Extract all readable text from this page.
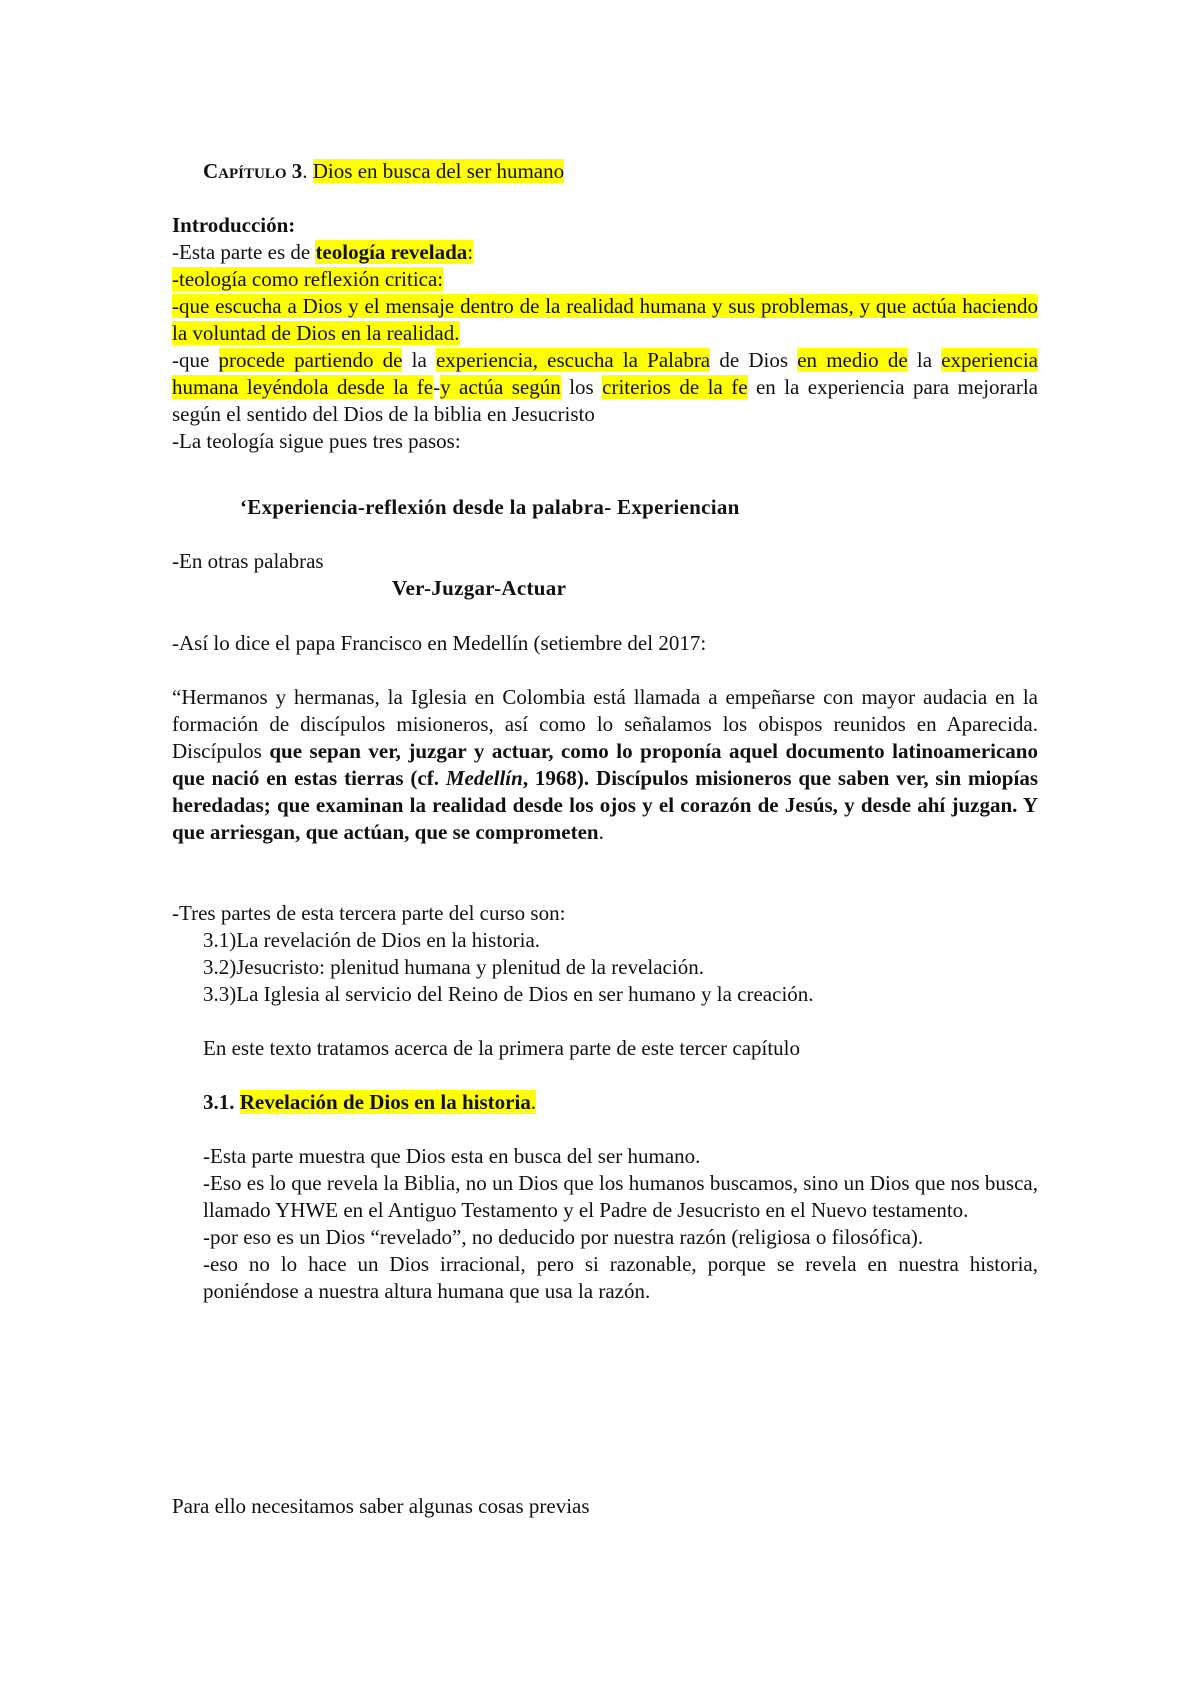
Capítulo 3. Dios en busca del ser humano
Introducción:
-Esta parte es de teología revelada:
-teología como reflexión critica:
-que escucha a Dios y el mensaje dentro de la realidad humana y sus problemas, y que actúa haciendo la voluntad de Dios en la realidad.
-que procede partiendo de la experiencia, escucha la Palabra de Dios en medio de la experiencia humana leyéndola desde la fe-y actúa según los criterios de la fe en la experiencia para mejorarla según el sentido del Dios de la biblia en Jesucristo
-La teología sigue pues tres pasos:
‘Experiencia-reflexión desde la palabra- Experiencian
-En otras palabras
Ver-Juzgar-Actuar
-Así lo dice el papa Francisco en Medellín (setiembre del 2017:
“Hermanos y hermanas, la Iglesia en Colombia está llamada a empeñarse con mayor audacia en la formación de discípulos misioneros, así como lo señalamos los obispos reunidos en Aparecida. Discípulos que sepan ver, juzgar y actuar, como lo proponía aquel documento latinoamericano que nació en estas tierras (cf. Medellín, 1968). Discípulos misioneros que saben ver, sin miopías heredadas; que examinan la realidad desde los ojos y el corazón de Jesús, y desde ahí juzgan. Y que arriesgan, que actúan, que se comprometen.
-Tres partes de esta tercera parte del curso son:
3.1)La revelación de Dios en la historia.
3.2)Jesucristo: plenitud humana y plenitud de la revelación.
3.3)La Iglesia al servicio del Reino de Dios en ser humano y la creación.
En este texto tratamos acerca de la primera parte de este tercer capítulo
3.1. Revelación de Dios en la historia.
-Esta parte muestra que Dios esta en busca del ser humano.
-Eso es lo que revela la Biblia, no un Dios que los humanos buscamos, sino un Dios que nos busca, llamado YHWE en el Antiguo Testamento y el Padre de Jesucristo en el Nuevo testamento.
-por eso es un Dios “revelado”, no deducido por nuestra razón (religiosa o filosófica).
-eso no lo hace un Dios irracional, pero si razonable, porque se revela en nuestra historia, poniéndose a nuestra altura humana que usa la razón.
Para ello necesitamos saber algunas cosas previas
